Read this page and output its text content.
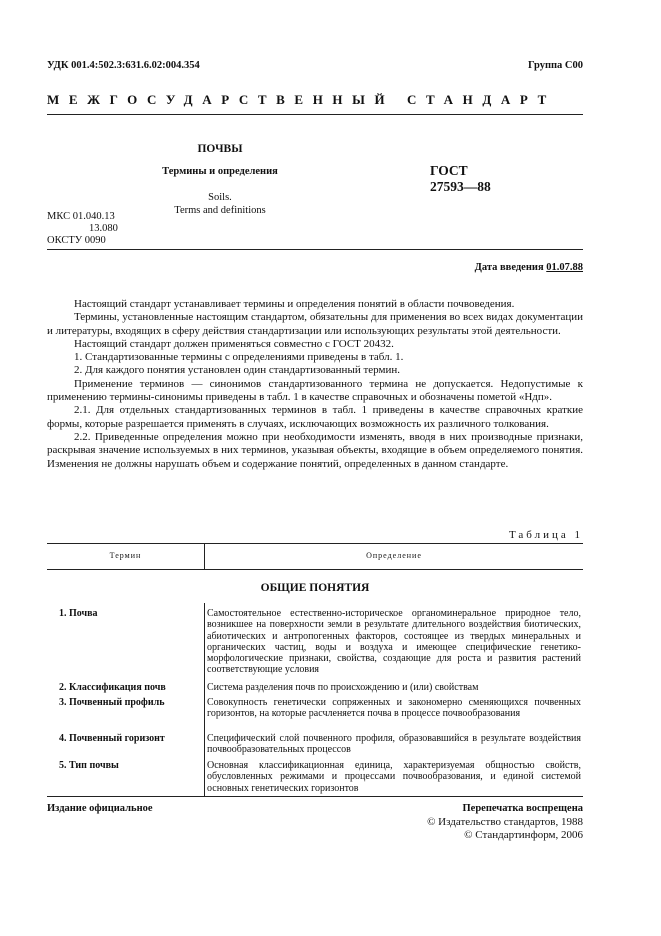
УДК 001.4:502.3:631.6.02:004.354	Группа С00
МЕЖГОСУДАРСТВЕННЫЙ СТАНДАРТ
ПОЧВЫ
Термины и определения
Soils.
Terms and definitions
ГОСТ
27593—88
МКС 01.040.13
13.080
ОКСТУ 0090
Дата введения 01.07.88

Настоящий стандарт устанавливает термины и определения понятий в области почвоведения.

Термины, установленные настоящим стандартом, обязательны для применения во всех видах документации и литературы, входящих в сферу действия стандартизации или использующих результаты этой деятельности.

Настоящий стандарт должен применяться совместно с ГОСТ 20432.

1. Стандартизованные термины с определениями приведены в табл. 1.

2. Для каждого понятия установлен один стандартизованный термин.

Применение терминов — синонимов стандартизованного термина не допускается. Недопустимые к применению термины-синонимы приведены в табл. 1 в качестве справочных и обозначены пометой «Ндп».

2.1. Для отдельных стандартизованных терминов в табл. 1 приведены в качестве справочных краткие формы, которые разрешается применять в случаях, исключающих возможность их различного толкования.

2.2. Приведенные определения можно при необходимости изменять, вводя в них производные признаки, раскрывая значение используемых в них терминов, указывая объекты, входящие в объем определяемого понятия. Изменения не должны нарушать объем и содержание понятий, определенных в данном стандарте.

Таблица 1
Термин	Определение
ОБЩИЕ ПОНЯТИЯ
1. Почва	Самостоятельное естественно-историческое органоминеральное природное тело, возникшее на поверхности земли в результате длительного воздействия биотических, абиотических и антропогенных факторов, состоящее из твердых минеральных и органических частиц, воды и воздуха и имеющее специфические генетико-морфологические признаки, свойства, создающие для роста и развития растений соответствующие условия
2. Классификация почв	Система разделения почв по происхождению и (или) свойствам
3. Почвенный профиль	Совокупность генетически сопряженных и закономерно сменяющихся почвенных горизонтов, на которые расчленяется почва в процессе почвообразования
4. Почвенный горизонт	Специфический слой почвенного профиля, образовавшийся в результате воздействия почвообразовательных процессов
5. Тип почвы	Основная классификационная единица, характеризуемая общностью свойств, обусловленных режимами и процессами почвообразования, и единой системой основных генетических горизонтов
Издание официальное	Перепечатка воспрещена
© Издательство стандартов, 1988
© Стандартинформ, 2006
